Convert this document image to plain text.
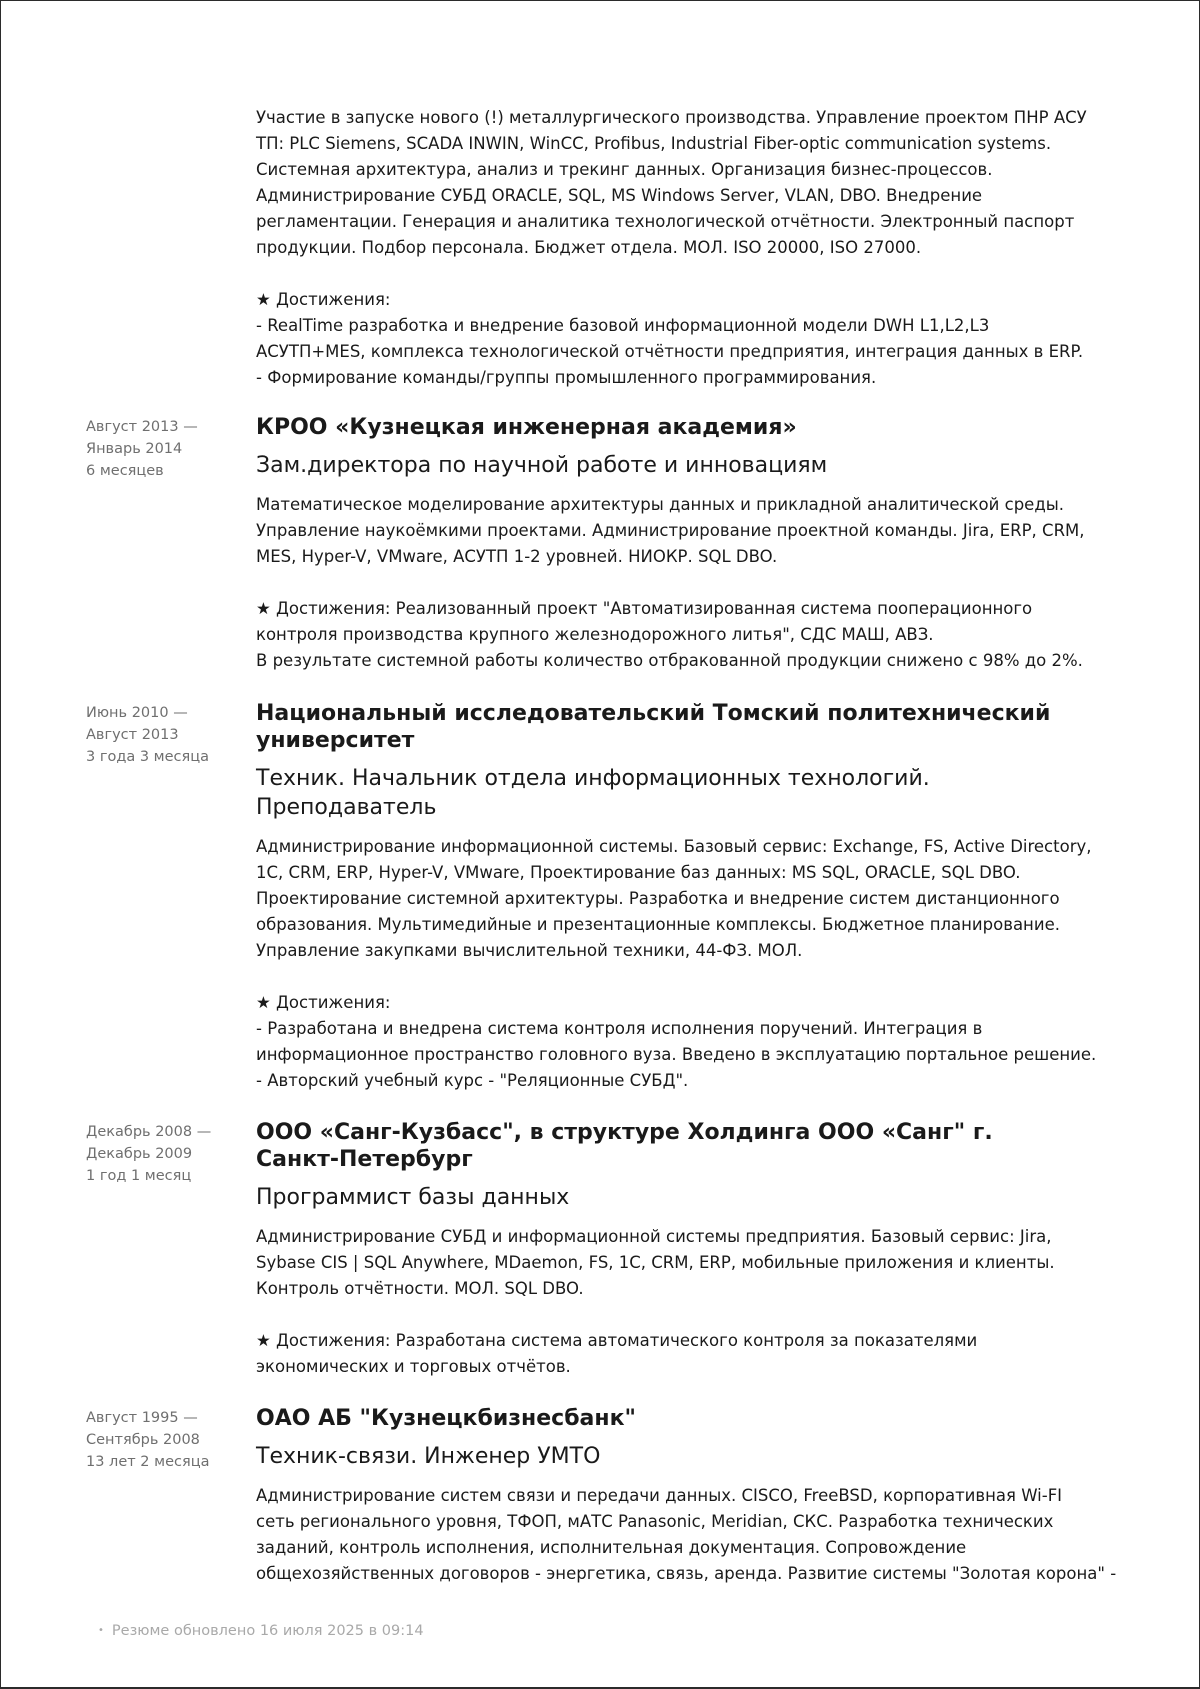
Участие в запуске нового (!) металлургического производства. Управление проектом ПНР АСУ
ТП: PLC Siemens, SCADA INWIN, WinCC, Profibus, Industrial Fiber-optic communication systems.
Системная архитектура, анализ и трекинг данных. Организация бизнес-процессов.
Администрирование СУБД ORACLE, SQL, MS Windows Server, VLAN, DBO. Внедрение
регламентации. Генерация и аналитика технологической отчётности. Электронный паспорт
продукции. Подбор персонала. Бюджет отдела. МОЛ. ISO 20000, ISO 27000.

★ Достижения:
- RealTime разработка и внедрение базовой информационной модели DWH L1,L2,L3
АСУТП+MES, комплекса технологической отчётности предприятия, интеграция данных в ERP.
- Формирование команды/группы промышленного программирования.

Август 2013 —
Январь 2014
6 месяцев

КРОО «Кузнецкая инженерная академия»

Зам.директора по научной работе и инновациям

Математическое моделирование архитектуры данных и прикладной аналитической среды.
Управление наукоёмкими проектами. Администрирование проектной команды. Jira, ERP, CRM,
MES, Hyper-V, VMware, АСУТП 1-2 уровней. НИОКР. SQL DBO.

★ Достижения: Реализованный проект "Автоматизированная система пооперационного
контроля производства крупного железнодорожного литья", СДС МАШ, АВЗ.
В результате системной работы количество отбракованной продукции снижено с 98% до 2%.

Июнь 2010 —
Август 2013
3 года 3 месяца

Национальный исследовательский Томский политехнический
университет

Техник. Начальник отдела информационных технологий.
Преподаватель

Администрирование информационной системы. Базовый сервис: Exchange, FS, Active Directory,
1C, CRM, ERP, Hyper-V, VMware, Проектирование баз данных: MS SQL, ORACLE, SQL DBO.
Проектирование системной архитектуры. Разработка и внедрение систем дистанционного
образования. Мультимедийные и презентационные комплексы. Бюджетное планирование.
Управление закупками вычислительной техники, 44-ФЗ. МОЛ.

★ Достижения:
- Разработана и внедрена система контроля исполнения поручений. Интеграция в
информационное пространство головного вуза. Введено в эксплуатацию портальное решение.
- Авторский учебный курс - "Реляционные СУБД".

Декабрь 2008 —
Декабрь 2009
1 год 1 месяц

ООО «Санг-Кузбасс", в структуре Холдинга ООО «Санг" г.
Санкт-Петербург

Программист базы данных

Администрирование СУБД и информационной системы предприятия. Базовый сервис: Jira,
Sybase CIS | SQL Anywhere, MDaemon, FS, 1C, CRM, ERP, мобильные приложения и клиенты.
Контроль отчётности. МОЛ. SQL DBO.

★ Достижения: Разработана система автоматического контроля за показателями
экономических и торговых отчётов.

Август 1995 —
Сентябрь 2008
13 лет 2 месяца

ОАО АБ "Кузнецкбизнесбанк"

Техник-связи. Инженер УМТО

Администрирование систем связи и передачи данных. CISCO, FreeBSD, корпоративная Wi-FI
сеть регионального уровня, ТФОП, мАТС Panasonic, Meridian, СКС. Разработка технических
заданий, контроль исполнения, исполнительная документация. Сопровождение
общехозяйственных договоров - энергетика, связь, аренда. Развитие системы "Золотая корона" -

• Резюме обновлено 16 июля 2025 в 09:14
